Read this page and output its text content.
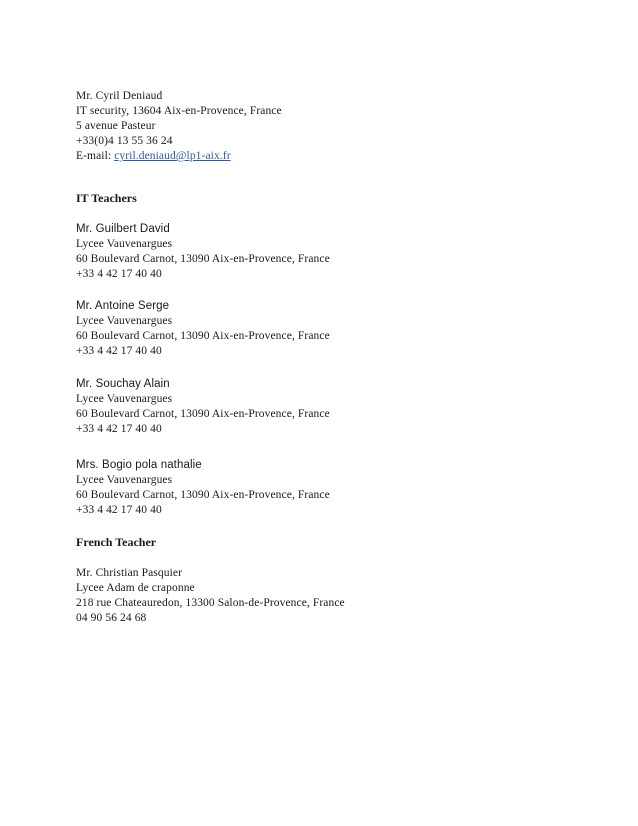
Mr. Cyril Deniaud
IT security, 13604 Aix-en-Provence, France
5 avenue Pasteur
+33(0)4 13 55 36 24
E-mail: cyril.deniaud@lp1-aix.fr
IT Teachers
Mr. Guilbert David
Lycee Vauvenargues
60 Boulevard Carnot, 13090 Aix-en-Provence, France
+33 4 42 17 40 40
Mr. Antoine Serge
Lycee Vauvenargues
60 Boulevard Carnot, 13090 Aix-en-Provence, France
+33 4 42 17 40 40
Mr. Souchay Alain
Lycee Vauvenargues
60 Boulevard Carnot, 13090 Aix-en-Provence, France
+33 4 42 17 40 40
Mrs. Bogio pola nathalie
Lycee Vauvenargues
60 Boulevard Carnot, 13090 Aix-en-Provence, France
+33 4 42 17 40 40
French Teacher
Mr. Christian Pasquier
Lycee Adam de craponne
218 rue Chateauredon, 13300 Salon-de-Provence, France
04 90 56 24 68
